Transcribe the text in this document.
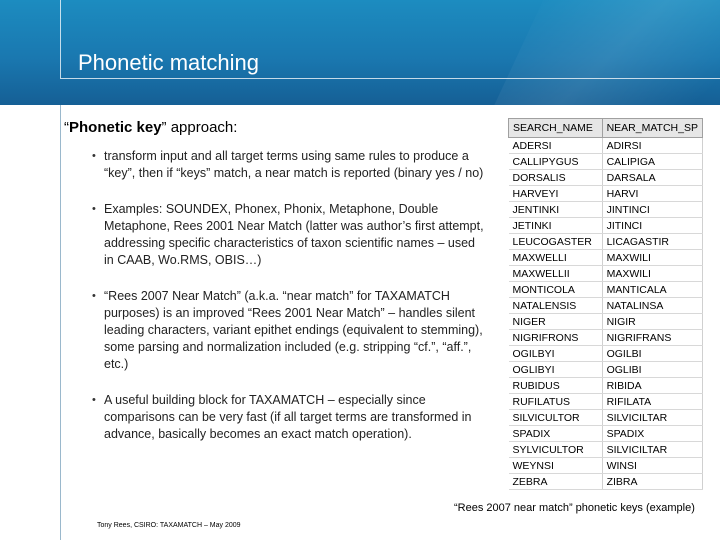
Phonetic matching
“Phonetic key” approach:
• transform input and all target terms using same rules to produce a “key”, then if “keys” match, a near match is reported (binary yes / no)
• Examples: SOUNDEX, Phonex, Phonix, Metaphone, Double Metaphone, Rees 2001 Near Match (latter was author’s first attempt, addressing specific characteristics of taxon scientific names – used in CAAB, Wo.RMS, OBIS…)
• “Rees 2007 Near Match” (a.k.a. “near match” for TAXAMATCH purposes) is an improved “Rees 2001 Near Match” – handles silent leading characters, variant epithet endings (equivalent to stemming), some parsing and normalization included (e.g. stripping “cf.”, “aff.”, etc.)
• A useful building block for TAXAMATCH – especially since comparisons can be very fast (if all target terms are transformed in advance, basically becomes an exact match operation).
SEARCH_NAME	NEAR_MATCH_SP
ADERSI	ADIRSI
CALLIPYGUS	CALIPIGA
DORSALIS	DARSALA
HARVEYI	HARVI
JENTINKI	JINTINCI
JETINKI	JITINCI
LEUCOGASTER	LICAGASTIR
MAXWELLI	MAXWILI
MAXWELLII	MAXWILI
MONTICOLA	MANTICALA
NATALENSIS	NATALINSA
NIGER	NIGIR
NIGRIFRONS	NIGRIFRANS
OGILBYI	OGILBI
OGLIBYI	OGLIBI
RUBIDUS	RIBIDA
RUFILATUS	RIFILATA
SILVICULTOR	SILVICILTAR
SPADIX	SPADIX
SYLVICULTOR	SILVICILTAR
WEYNSI	WINSI
ZEBRA	ZIBRA
“Rees 2007 near match” phonetic keys (example)
Tony Rees, CSIRO: TAXAMATCH – May 2009
